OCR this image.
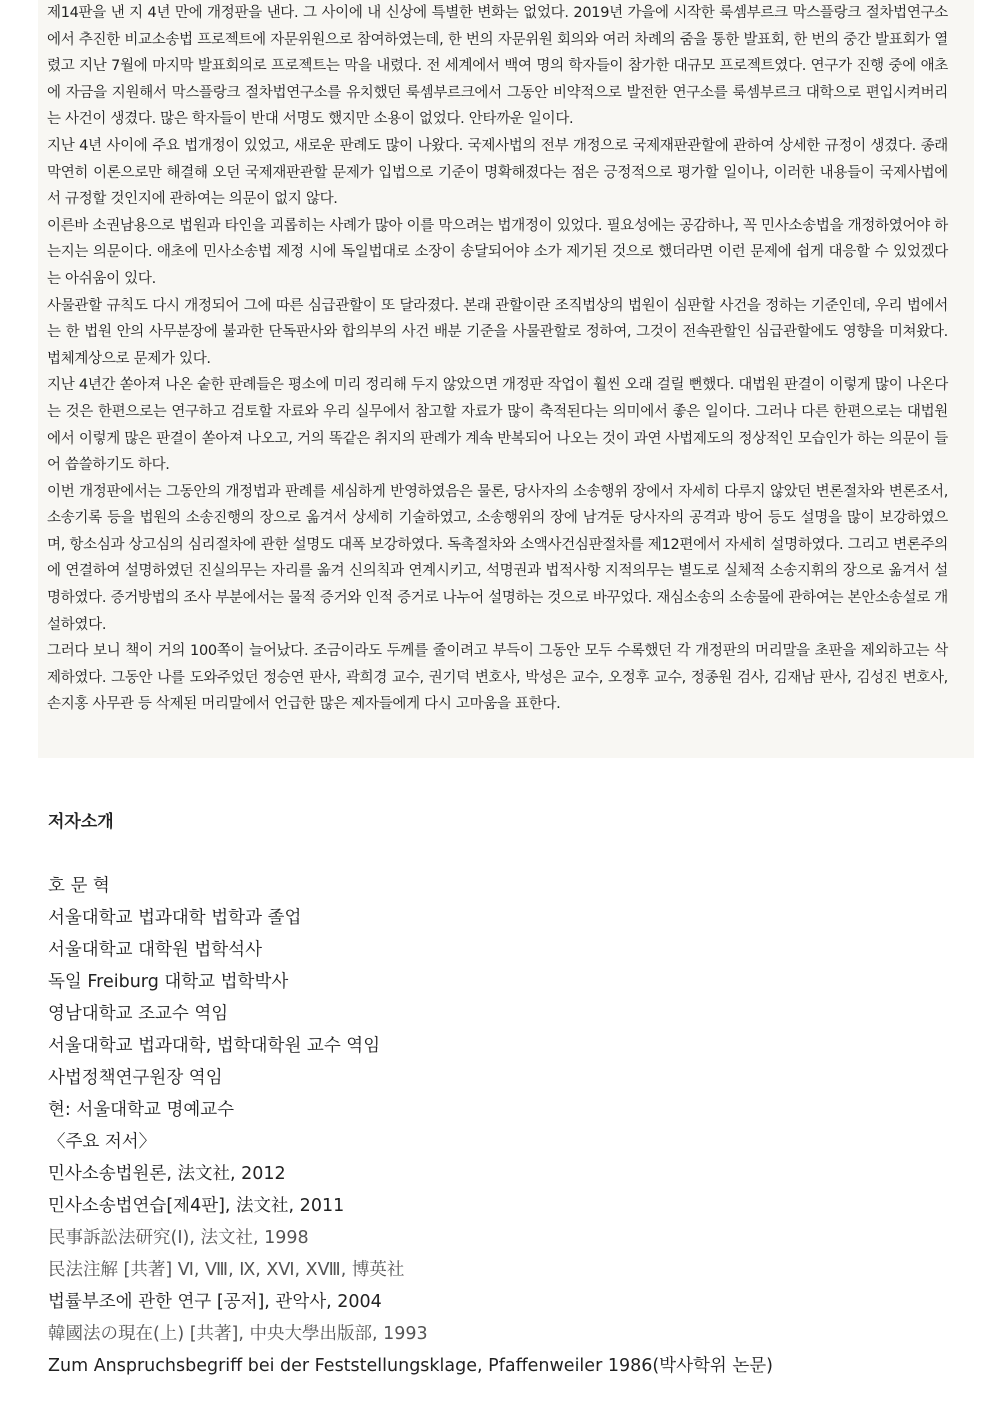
제14판을 낸 지 4년 만에 개정판을 낸다. 그 사이에 내 신상에 특별한 변화는 없었다. 2019년 가을에 시작한 룩셈부르크 막스플랑크 절차법연구소에서 추진한 비교소송법 프로젝트에 자문위원으로 참여하였는데, 한 번의 자문위원 회의와 여러 차례의 줌을 통한 발표회, 한 번의 중간 발표회가 열렸고 지난 7월에 마지막 발표회의로 프로젝트는 막을 내렸다. 전 세계에서 백여 명의 학자들이 참가한 대규모 프로젝트였다. 연구가 진행 중에 애초에 자금을 지원해서 막스플랑크 절차법연구소를 유치했던 룩셈부르크에서 그동안 비약적으로 발전한 연구소를 룩셈부르크 대학으로 편입시켜버리는 사건이 생겼다. 많은 학자들이 반대 서명도 했지만 소용이 없었다. 안타까운 일이다.

지난 4년 사이에 주요 법개정이 있었고, 새로운 판례도 많이 나왔다. 국제사법의 전부 개정으로 국제재판관할에 관하여 상세한 규정이 생겼다. 종래 막연히 이론으로만 해결해 오던 국제재판관할 문제가 입법으로 기준이 명확해졌다는 점은 긍정적으로 평가할 일이나, 이러한 내용들이 국제사법에서 규정할 것인지에 관하여는 의문이 없지 않다.

이른바 소권남용으로 법원과 타인을 괴롭히는 사례가 많아 이를 막으려는 법개정이 있었다. 필요성에는 공감하나, 꼭 민사소송법을 개정하였어야 하는지는 의문이다. 애초에 민사소송법 제정 시에 독일법대로 소장이 송달되어야 소가 제기된 것으로 했더라면 이런 문제에 쉽게 대응할 수 있었겠다는 아쉬움이 있다.

사물관할 규칙도 다시 개정되어 그에 따른 심급관할이 또 달라졌다. 본래 관할이란 조직법상의 법원이 심판할 사건을 정하는 기준인데, 우리 법에서는 한 법원 안의 사무분장에 불과한 단독판사와 합의부의 사건 배분 기준을 사물관할로 정하여, 그것이 전속관할인 심급관할에도 영향을 미쳐왔다. 법체계상으로 문제가 있다.

지난 4년간 쏟아져 나온 숱한 판례들은 평소에 미리 정리해 두지 않았으면 개정판 작업이 훨씬 오래 걸릴 뻔했다. 대법원 판결이 이렇게 많이 나온다는 것은 한편으로는 연구하고 검토할 자료와 우리 실무에서 참고할 자료가 많이 축적된다는 의미에서 좋은 일이다. 그러나 다른 한편으로는 대법원에서 이렇게 많은 판결이 쏟아져 나오고, 거의 똑같은 취지의 판례가 계속 반복되어 나오는 것이 과연 사법제도의 정상적인 모습인가 하는 의문이 들어 씁쓸하기도 하다.

이번 개정판에서는 그동안의 개정법과 판례를 세심하게 반영하였음은 물론, 당사자의 소송행위 장에서 자세히 다루지 않았던 변론절차와 변론조서, 소송기록 등을 법원의 소송진행의 장으로 옮겨서 상세히 기술하였고, 소송행위의 장에 남겨둔 당사자의 공격과 방어 등도 설명을 많이 보강하였으며, 항소심과 상고심의 심리절차에 관한 설명도 대폭 보강하였다. 독촉절차와 소액사건심판절차를 제12편에서 자세히 설명하였다. 그리고 변론주의에 연결하여 설명하였던 진실의무는 자리를 옮겨 신의칙과 연계시키고, 석명권과 법적사항 지적의무는 별도로 실체적 소송지휘의 장으로 옮겨서 설명하였다. 증거방법의 조사 부분에서는 물적 증거와 인적 증거로 나누어 설명하는 것으로 바꾸었다. 재심소송의 소송물에 관하여는 본안소송설로 개설하였다.

그러다 보니 책이 거의 100쪽이 늘어났다. 조금이라도 두께를 줄이려고 부득이 그동안 모두 수록했던 각 개정판의 머리말을 초판을 제외하고는 삭제하였다. 그동안 나를 도와주었던 정승연 판사, 곽희경 교수, 권기덕 변호사, 박성은 교수, 오정후 교수, 정종원 검사, 김재남 판사, 김성진 변호사, 손지홍 사무관 등 삭제된 머리말에서 언급한 많은 제자들에게 다시 고마움을 표한다.

저자소개
호 문 혁
서울대학교 법과대학 법학과 졸업
서울대학교 대학원 법학석사
독일 Freiburg 대학교 법학박사
영남대학교 조교수 역임
서울대학교 법과대학, 법학대학원 교수 역임
사법정책연구원장 역임
현: 서울대학교 명예교수
〈주요 저서〉
민사소송법원론, 法文社, 2012
민사소송법연습[제4판], 法文社, 2011
民事訴訟法研究(I), 法文社, 1998
民法注解 [共著] Ⅵ, Ⅷ, Ⅸ, ⅩⅥ, ⅩⅧ, 博英社
법률부조에 관한 연구 [공저], 관악사, 2004
韓國法の現在(上) [共著], 中央大學出版部, 1993
Zum Anspruchsbegriff bei der Feststellungsklage, Pfaffenweiler 1986(박사학위 논문)
